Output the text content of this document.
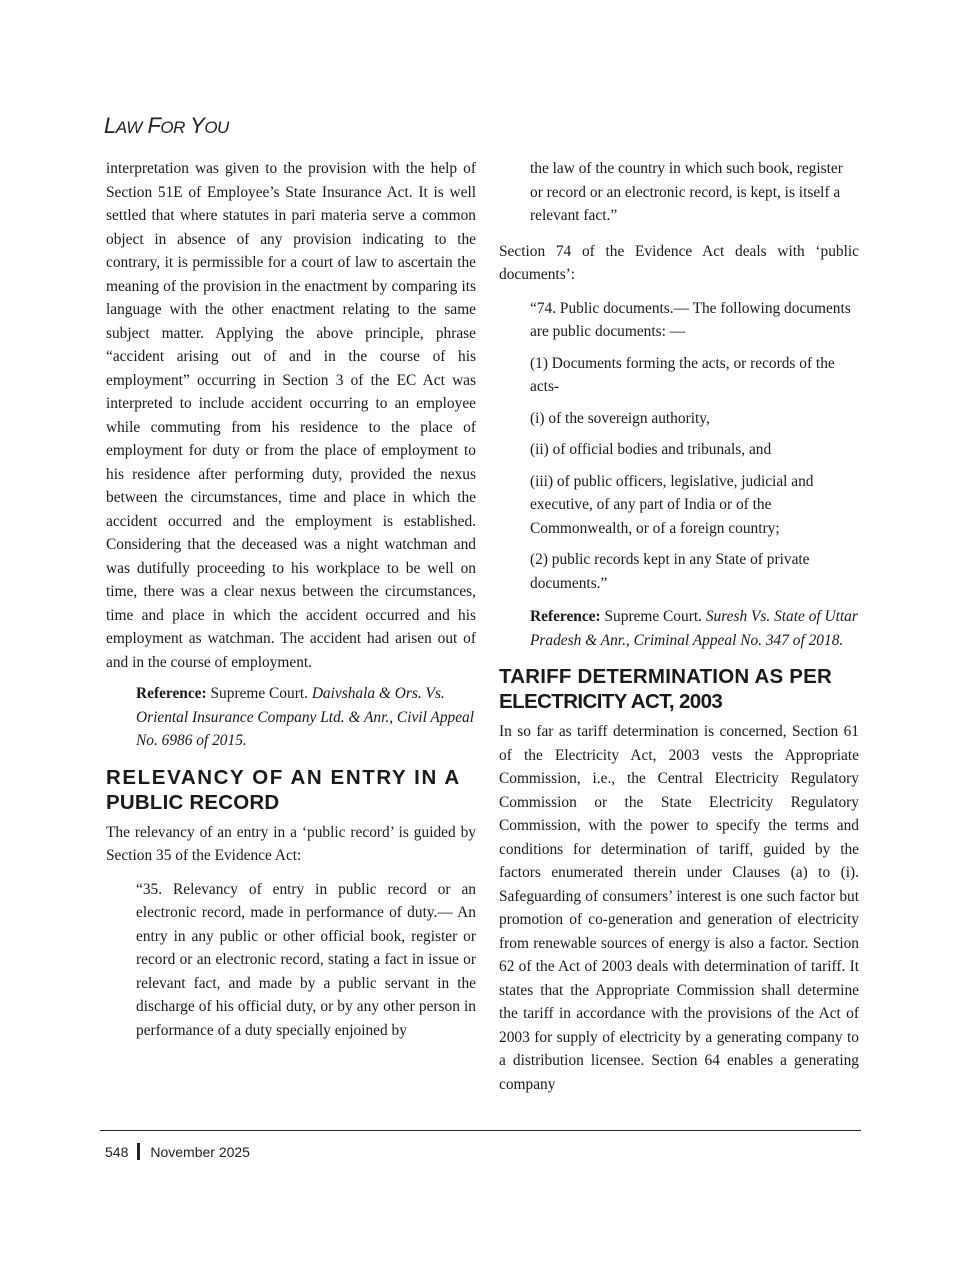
LAW FOR YOU

interpretation was given to the provision with the help of Section 51E of Employee’s State Insurance Act. It is well settled that where statutes in pari materia serve a common object in absence of any provision indicating to the contrary, it is permissible for a court of law to ascertain the meaning of the provision in the enactment by comparing its language with the other enactment relating to the same subject matter. Applying the above principle, phrase “accident arising out of and in the course of his employment” occurring in Section 3 of the EC Act was interpreted to include accident occurring to an employee while commuting from his residence to the place of employment for duty or from the place of employment to his residence after performing duty, provided the nexus between the circumstances, time and place in which the accident occurred and the employment is established. Considering that the deceased was a night watchman and was dutifully proceeding to his workplace to be well on time, there was a clear nexus between the circumstances, time and place in which the accident occurred and his employment as watchman. The accident had arisen out of and in the course of employment.

Reference: Supreme Court. Daivshala & Ors. Vs. Oriental Insurance Company Ltd. & Anr., Civil Appeal No. 6986 of 2015.

RELEVANCY OF AN ENTRY IN A
PUBLIC RECORD

The relevancy of an entry in a ‘public record’ is guided by Section 35 of the Evidence Act:

“35. Relevancy of entry in public record or an electronic record, made in performance of duty.— An entry in any public or other official book, register or record or an electronic record, stating a fact in issue or relevant fact, and made by a public servant in the discharge of his official duty, or by any other person in performance of a duty specially enjoined by

the law of the country in which such book, register or record or an electronic record, is kept, is itself a relevant fact.”

Section 74 of the Evidence Act deals with ‘public documents’:

“74. Public documents.— The following documents are public documents: —

(1) Documents forming the acts, or records of the acts-

(i) of the sovereign authority,

(ii) of official bodies and tribunals, and

(iii) of public officers, legislative, judicial and executive, of any part of India or of the Commonwealth, or of a foreign country;

(2) public records kept in any State of private documents.”

Reference: Supreme Court. Suresh Vs. State of Uttar Pradesh & Anr., Criminal Appeal No. 347 of 2018.

TARIFF DETERMINATION AS PER
ELECTRICITY ACT, 2003

In so far as tariff determination is concerned, Section 61 of the Electricity Act, 2003 vests the Appropriate Commission, i.e., the Central Electricity Regulatory Commission or the State Electricity Regulatory Commission, with the power to specify the terms and conditions for determination of tariff, guided by the factors enumerated therein under Clauses (a) to (i). Safeguarding of consumers’ interest is one such factor but promotion of co-generation and generation of electricity from renewable sources of energy is also a factor. Section 62 of the Act of 2003 deals with determination of tariff. It states that the Appropriate Commission shall determine the tariff in accordance with the provisions of the Act of 2003 for supply of electricity by a generating company to a distribution licensee. Section 64 enables a generating company

548 November 2025
